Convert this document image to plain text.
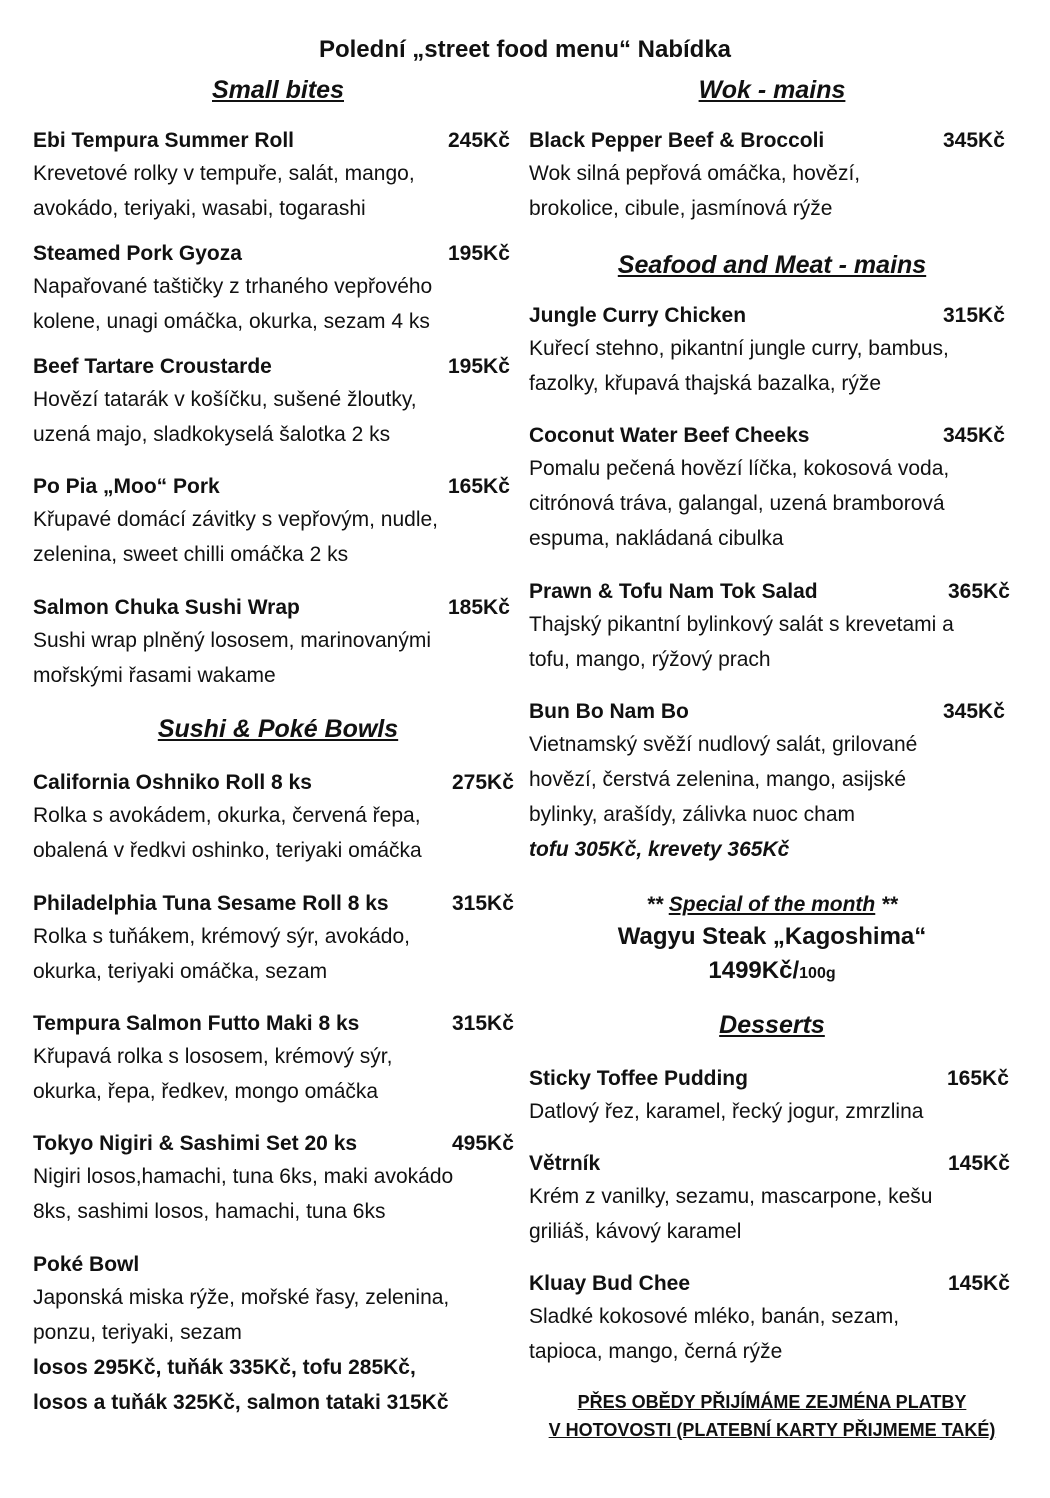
Polední „street food menu“ Nabídka
Small bites
Ebi Tempura Summer Roll	245Kč
Krevetové rolky v tempuře, salát, mango,
avokádo, teriyaki, wasabi, togarashi
Steamed Pork Gyoza	195Kč
Napařované taštičky z trhaného vepřového
kolene, unagi omáčka, okurka, sezam 4 ks
Beef Tartare Croustarde	195Kč
Hovězí tatarák v košíčku, sušené žloutky,
uzená majo, sladkokyselá šalotka 2 ks
Po Pia „Moo“ Pork	165Kč
Křupavé domácí závitky s vepřovým, nudle,
zelenina, sweet chilli omáčka 2 ks
Salmon Chuka Sushi Wrap	185Kč
Sushi wrap plněný lososem, marinovanými
mořskými řasami wakame
Sushi & Poké Bowls
California Oshniko Roll 8 ks	275Kč
Rolka s avokádem, okurka, červená řepa,
obalená v ředkvi oshinko, teriyaki omáčka
Philadelphia Tuna Sesame Roll 8 ks	315Kč
Rolka s tuňákem, krémový sýr, avokádo,
okurka, teriyaki omáčka, sezam
Tempura Salmon Futto Maki 8 ks	315Kč
Křupavá rolka s lososem, krémový sýr,
okurka, řepa, ředkev, mongo omáčka
Tokyo Nigiri & Sashimi Set 20 ks	495Kč
Nigiri losos,hamachi, tuna 6ks, maki avokádo
8ks, sashimi losos, hamachi, tuna 6ks
Poké Bowl
Japonská miska rýže, mořské řasy, zelenina,
ponzu, teriyaki, sezam
losos 295Kč, tuňák 335Kč, tofu 285Kč,
losos a tuňák 325Kč, salmon tataki 315Kč
Wok - mains
Black Pepper Beef & Broccoli	345Kč
Wok silná pepřová omáčka, hovězí,
brokolice, cibule, jasmínová rýže
Seafood and Meat - mains
Jungle Curry Chicken	315Kč
Kuřecí stehno, pikantní jungle curry, bambus,
fazolky, křupavá thajská bazalka, rýže
Coconut Water Beef Cheeks	345Kč
Pomalu pečená hovězí líčka, kokosová voda,
citrónová tráva, galangal, uzená bramborová
espuma, nakládaná cibulka
Prawn & Tofu Nam Tok Salad	365Kč
Thajský pikantní bylinkový salát s krevetami a
tofu, mango, rýžový prach
Bun Bo Nam Bo	345Kč
Vietnamský svěží nudlový salát, grilované
hovězí, čerstvá zelenina, mango, asijské
bylinky, arašídy, zálivka nuoc cham
tofu 305Kč, krevety 365Kč
** Special of the month **
Wagyu Steak „Kagoshima“
1499Kč/100g
Desserts
Sticky Toffee Pudding	165Kč
Datlový řez, karamel, řecký jogur, zmrzlina
Větrník	145Kč
Krém z vanilky, sezamu, mascarpone, kešu
griliáš, kávový karamel
Kluay Bud Chee	145Kč
Sladké kokosové mléko, banán, sezam,
tapioca, mango, černá rýže
PŘES OBĚDY PŘIJÍMÁME ZEJMÉNA PLATBY
V HOTOVOSTI (PLATEBNÍ KARTY PŘIJMEME TAKÉ)
